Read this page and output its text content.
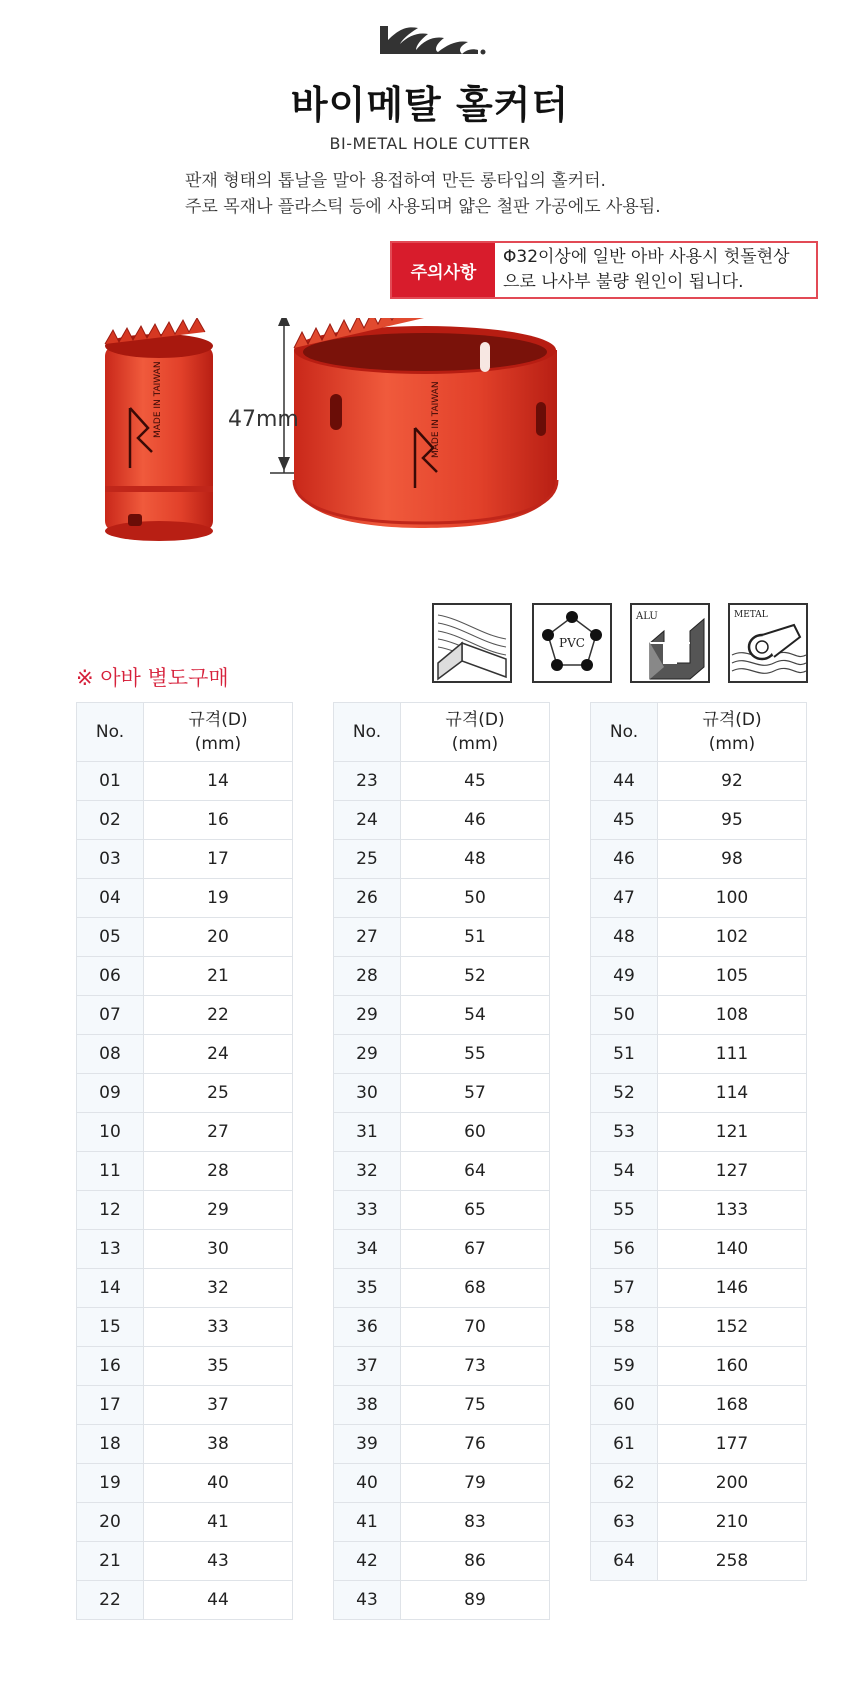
바이메탈 홀커터
BI-METAL HOLE CUTTER
판재 형태의 톱날을 말아 용접하여 만든 롱타입의 홀커터.
주로 목재나 플라스틱 등에 사용되며 얇은 철판 가공에도 사용됨.
주의사항
Φ32이상에 일반 아바 사용시 헛돌현상
으로 나사부 불량 원인이 됩니다.
MADE IN TAIWAN	MADE IN TAIWAN
47mm
PVC
ALU	METAL
※ 아바 별도구매
No.	규격(D)
(mm)

01	14
02	16
03	17
04	19
05	20
06	21
07	22
08	24
09	25
10	27
11	28
12	29
13	30
14	32
15	33
16	35
17	37
18	38
19	40
20	41
21	43
22	44
No.	규격(D)
(mm)

23	45
24	46
25	48
26	50
27	51
28	52
29	54
29	55
30	57
31	60
32	64
33	65
34	67
35	68
36	70
37	73
38	75
39	76
40	79
41	83
42	86
43	89
No.	규격(D)
(mm)

44	92
45	95
46	98
47	100
48	102
49	105
50	108
51	111
52	114
53	121
54	127
55	133
56	140
57	146
58	152
59	160
60	168
61	177
62	200
63	210
64	258
